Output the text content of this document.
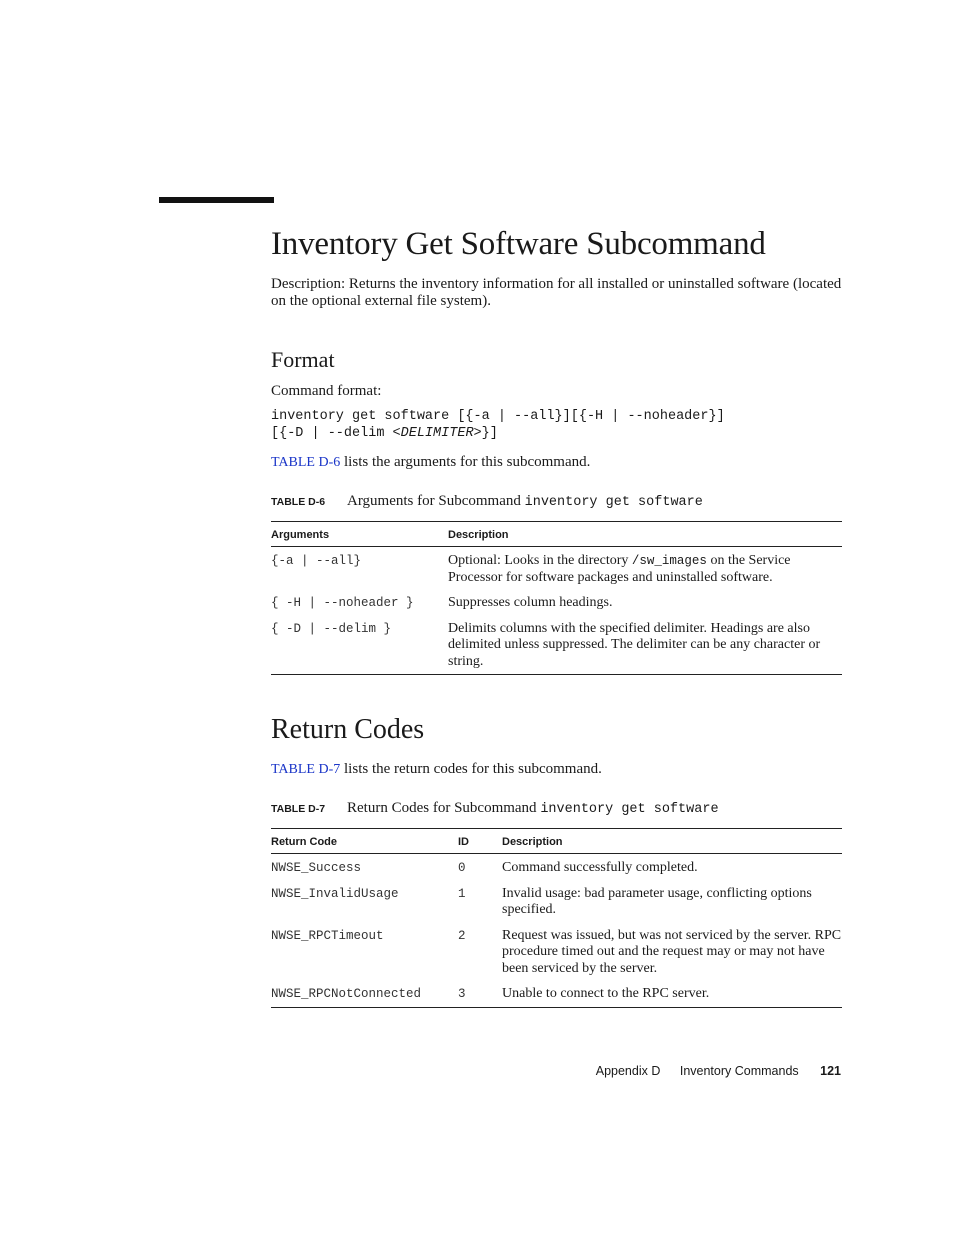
Inventory Get Software Subcommand

Description: Returns the inventory information for all installed or uninstalled software (located on the optional external file system).

Format

Command format:

inventory get software [{-a | --all}][{-H | --noheader}]
[{-D | --delim <DELIMITER>}]

TABLE D-6 lists the arguments for this subcommand.

TABLE D-6 Arguments for Subcommand inventory get software
Arguments	Description
{-a | --all}	Optional: Looks in the directory /sw_images on the Service Processor for software packages and uninstalled software.
{ -H | --noheader }	Suppresses column headings.
{ -D | --delim }	Delimits columns with the specified delimiter. Headings are also delimited unless suppressed. The delimiter can be any character or string.
Return Codes

TABLE D-7 lists the return codes for this subcommand.

TABLE D-7 Return Codes for Subcommand inventory get software
Return Code	ID	Description
NWSE_Success	0	Command successfully completed.
NWSE_InvalidUsage	1	Invalid usage: bad parameter usage, conflicting options specified.
NWSE_RPCTimeout	2	Request was issued, but was not serviced by the server. RPC procedure timed out and the request may or may not have been serviced by the server.
NWSE_RPCNotConnected	3	Unable to connect to the RPC server.
Appendix D Inventory Commands 121
